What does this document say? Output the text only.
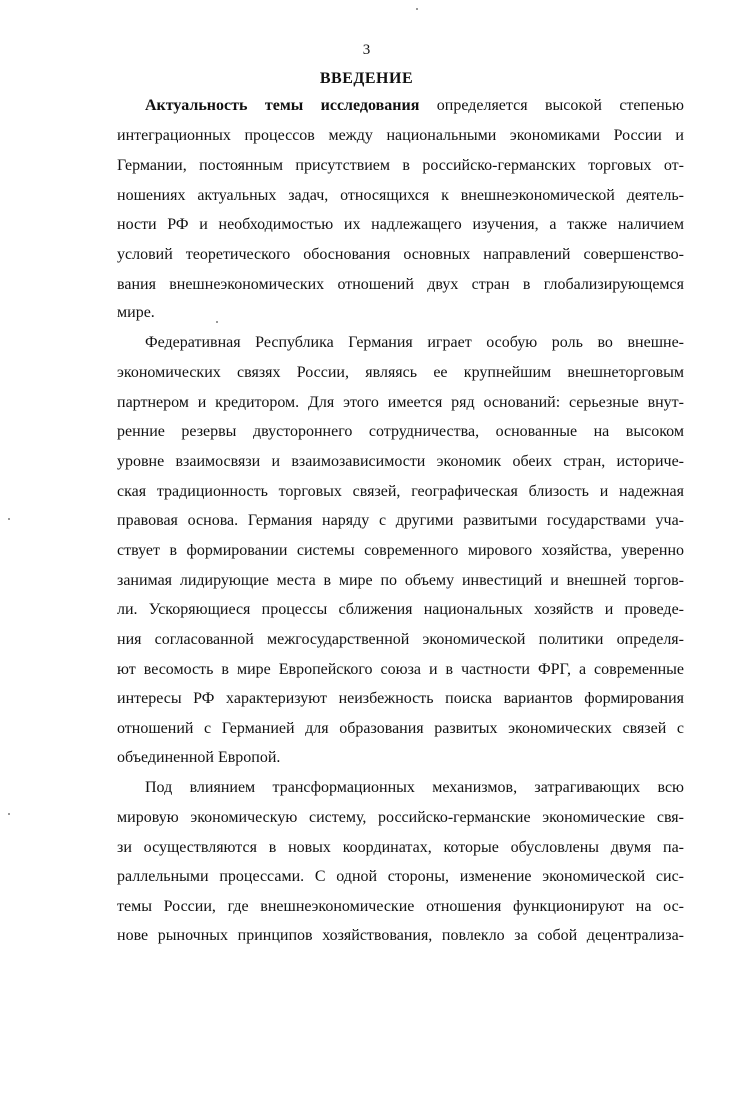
3
ВВЕДЕНИЕ
Актуальность темы исследования определяется высокой степенью
интеграционных процессов между национальными экономиками России и
Германии, постоянным присутствием в российско-германских торговых от-
ношениях актуальных задач, относящихся к внешнеэкономической деятель-
ности РФ и необходимостью их надлежащего изучения, а также наличием
условий теоретического обоснования основных направлений совершенство-
вания внешнеэкономических отношений двух стран в глобализирующемся
мире.
Федеративная Республика Германия играет особую роль во внешне-
экономических связях России, являясь ее крупнейшим внешнеторговым
партнером и кредитором. Для этого имеется ряд оснований: серьезные внут-
ренние резервы двустороннего сотрудничества, основанные на высоком
уровне взаимосвязи и взаимозависимости экономик обеих стран, историче-
ская традиционность торговых связей, географическая близость и надежная
правовая основа. Германия наряду с другими развитыми государствами уча-
ствует в формировании системы современного мирового хозяйства, уверенно
занимая лидирующие места в мире по объему инвестиций и внешней торгов-
ли. Ускоряющиеся процессы сближения национальных хозяйств и проведе-
ния согласованной межгосударственной экономической политики определя-
ют весомость в мире Европейского союза и в частности ФРГ, а современные
интересы РФ характеризуют неизбежность поиска вариантов формирования
отношений с Германией для образования развитых экономических связей с
объединенной Европой.
Под влиянием трансформационных механизмов, затрагивающих всю
мировую экономическую систему, российско-германские экономические свя-
зи осуществляются в новых координатах, которые обусловлены двумя па-
раллельными процессами. С одной стороны, изменение экономической сис-
темы России, где внешнеэкономические отношения функционируют на ос-
нове рыночных принципов хозяйствования, повлекло за собой децентрализа-
